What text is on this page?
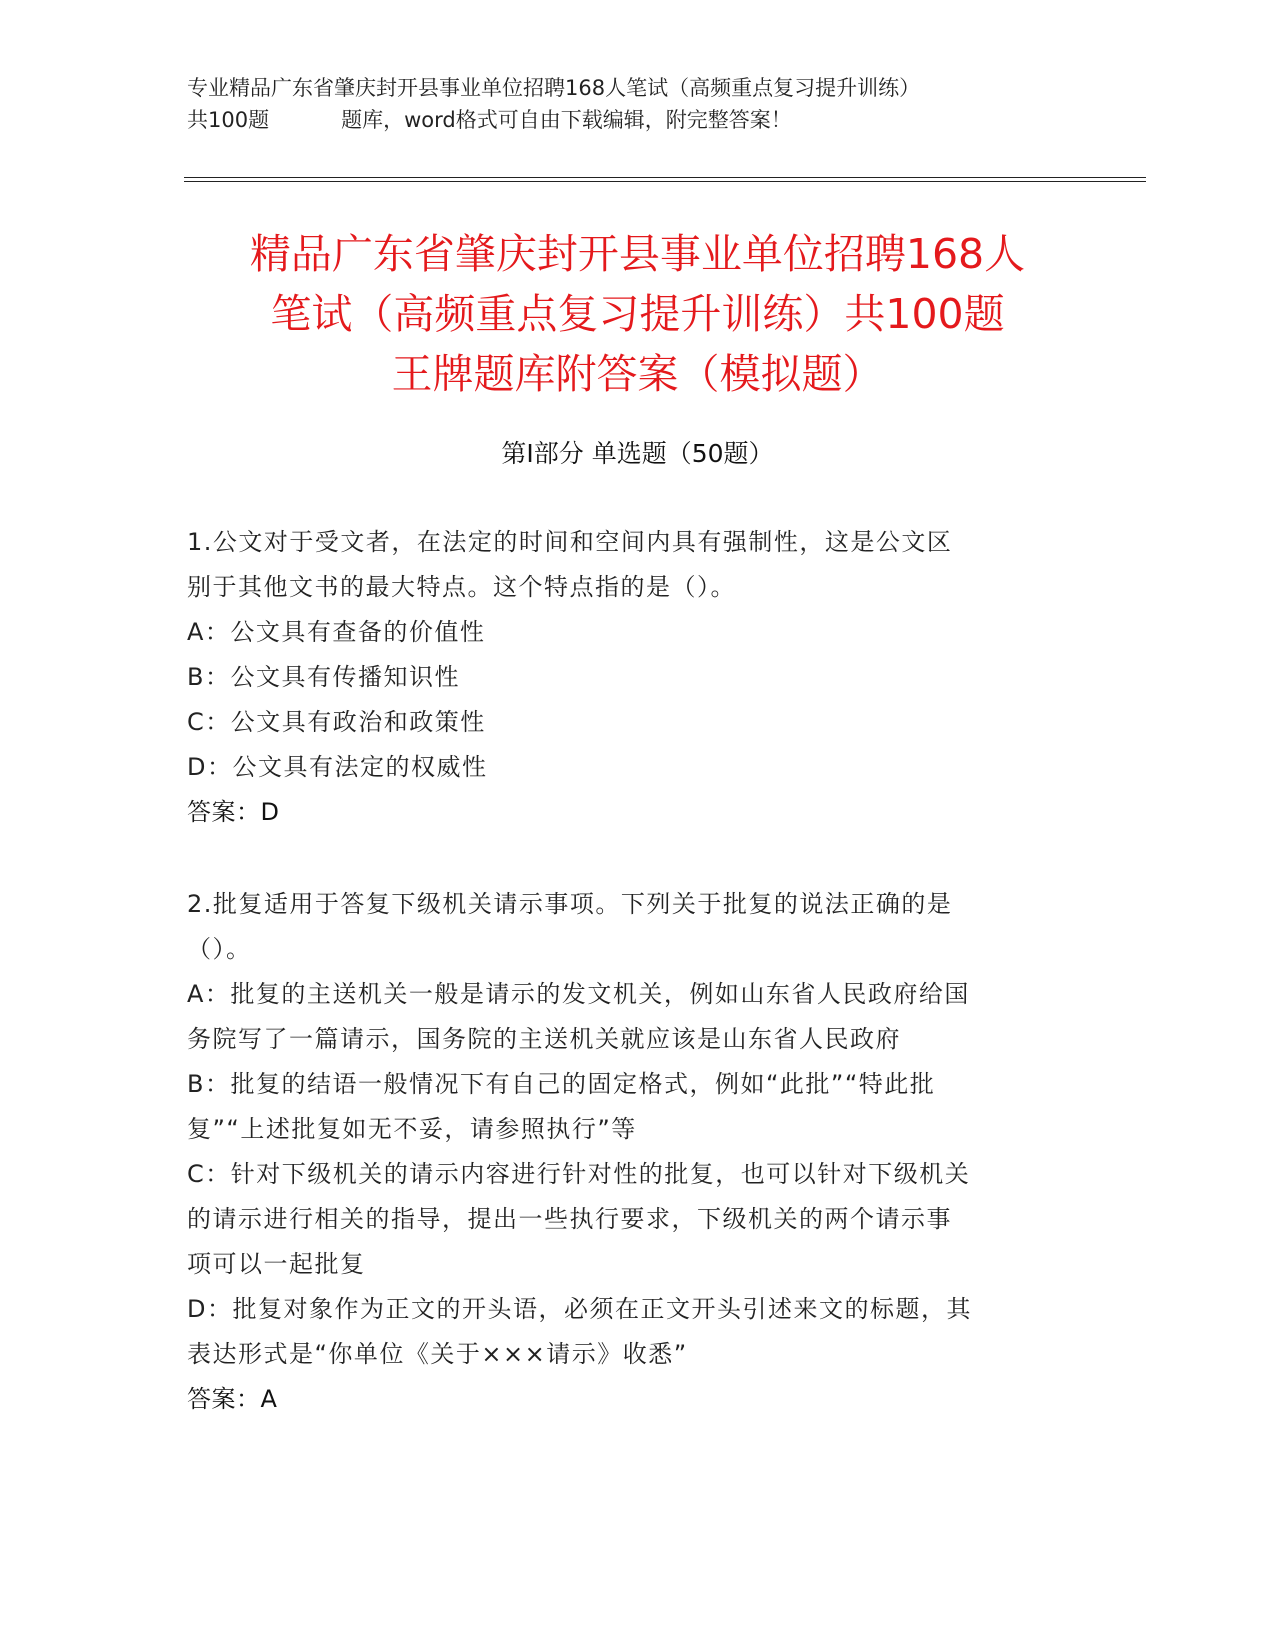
专业精品广东省肇庆封开县事业单位招聘168人笔试（高频重点复习提升训练）
共100题	题库，word格式可自由下载编辑，附完整答案！
精品广东省肇庆封开县事业单位招聘168人
笔试（高频重点复习提升训练）共100题
王牌题库附答案（模拟题）
第I部分 单选题（50题）
1.公文对于受文者，在法定的时间和空间内具有强制性，这是公文区
别于其他文书的最大特点。这个特点指的是（）。
A：公文具有查备的价值性
B：公文具有传播知识性
C：公文具有政治和政策性
D：公文具有法定的权威性
答案：D
2.批复适用于答复下级机关请示事项。下列关于批复的说法正确的是
（）。
A：批复的主送机关一般是请示的发文机关，例如山东省人民政府给国
务院写了一篇请示，国务院的主送机关就应该是山东省人民政府
B：批复的结语一般情况下有自己的固定格式，例如“此批”“特此批
复”“上述批复如无不妥，请参照执行”等
C：针对下级机关的请示内容进行针对性的批复，也可以针对下级机关
的请示进行相关的指导，提出一些执行要求，下级机关的两个请示事
项可以一起批复
D：批复对象作为正文的开头语，必须在正文开头引述来文的标题，其
表达形式是“你单位《关于×××请示》收悉”
答案：A
